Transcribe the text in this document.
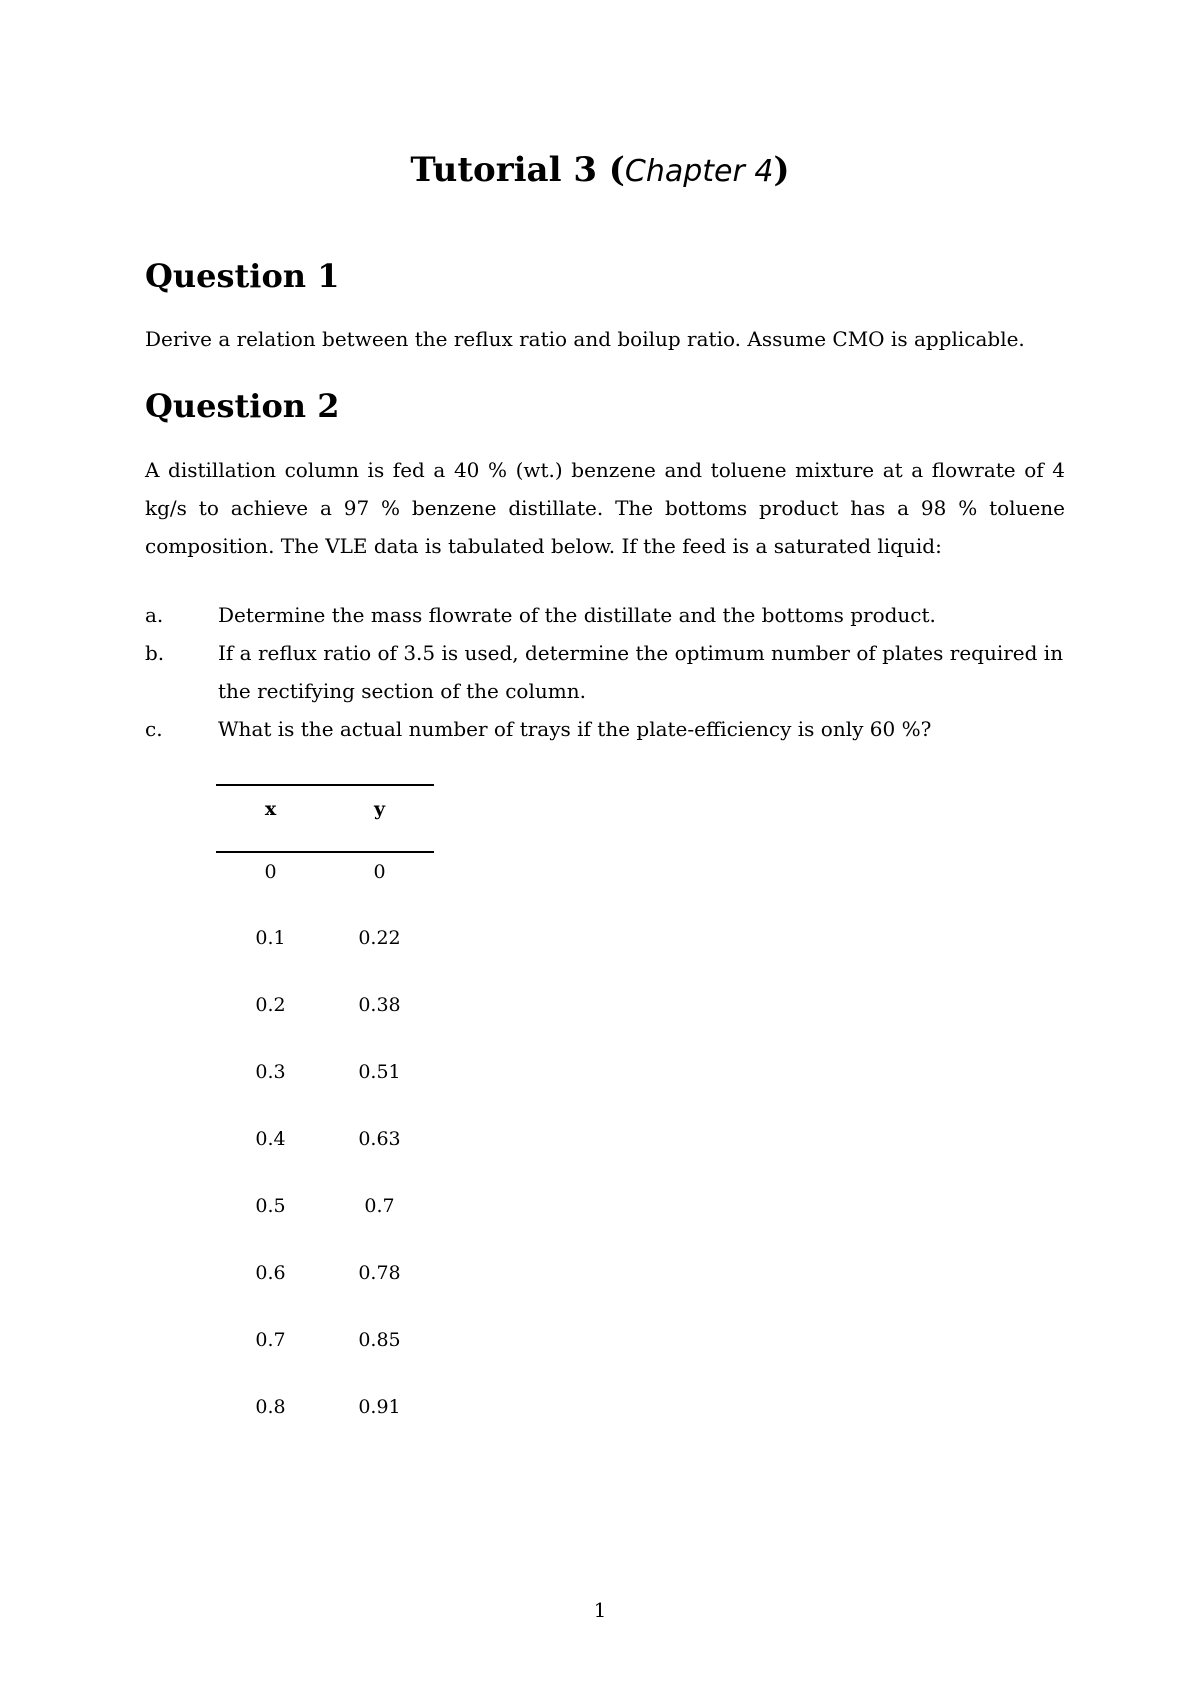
Tutorial 3 (Chapter 4)
Question 1
Derive a relation between the reflux ratio and boilup ratio. Assume CMO is applicable.
Question 2
A distillation column is fed a 40 % (wt.) benzene and toluene mixture at a flowrate of 4 kg/s to achieve a 97 % benzene distillate. The bottoms product has a 98 % toluene composition. The VLE data is tabulated below. If the feed is a saturated liquid:
a.	Determine the mass flowrate of the distillate and the bottoms product.
b.	If a reflux ratio of 3.5 is used, determine the optimum number of plates required in the rectifying section of the column.
c.	What is the actual number of trays if the plate-efficiency is only 60 %?
x	y
0	0
0.1	0.22
0.2	0.38
0.3	0.51
0.4	0.63
0.5	0.7
0.6	0.78
0.7	0.85
0.8	0.91
1
